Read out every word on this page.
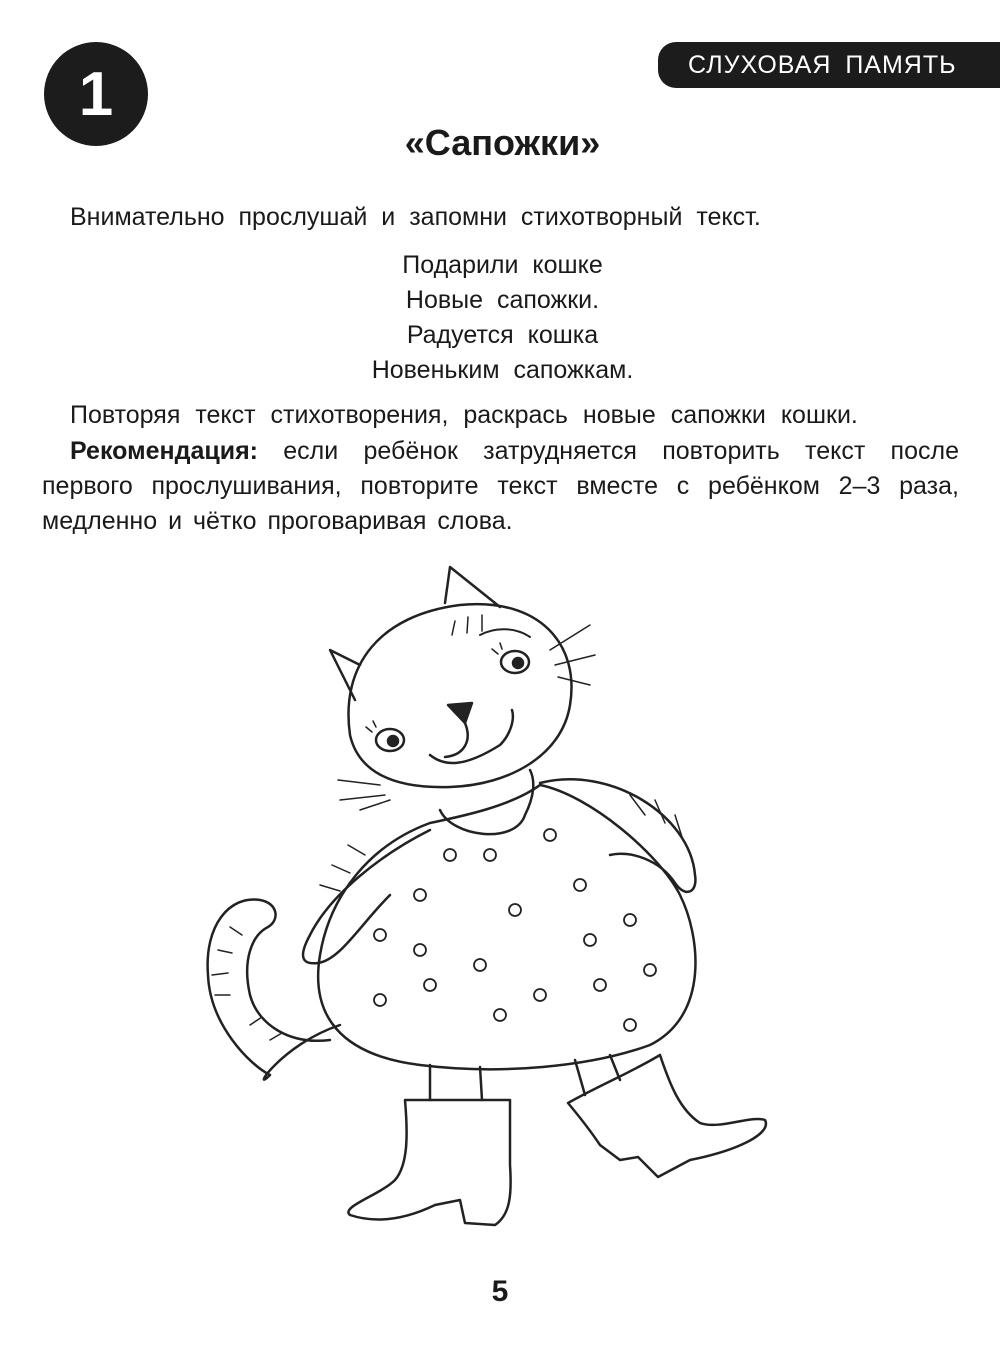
1	СЛУХОВАЯ ПАМЯТЬ
«Сапожки»
Внимательно прослушай и запомни стихотворный текст.
Подарили кошке
Новые сапожки.
Радуется кошка
Новеньким сапожкам.
Повторяя текст стихотворения, раскрась новые сапожки кошки.
Рекомендация: если ребёнок затрудняется повторить текст после первого прослушивания, повторите текст вместе с ребёнком 2–3 раза, медленно и чётко проговаривая слова.
5
